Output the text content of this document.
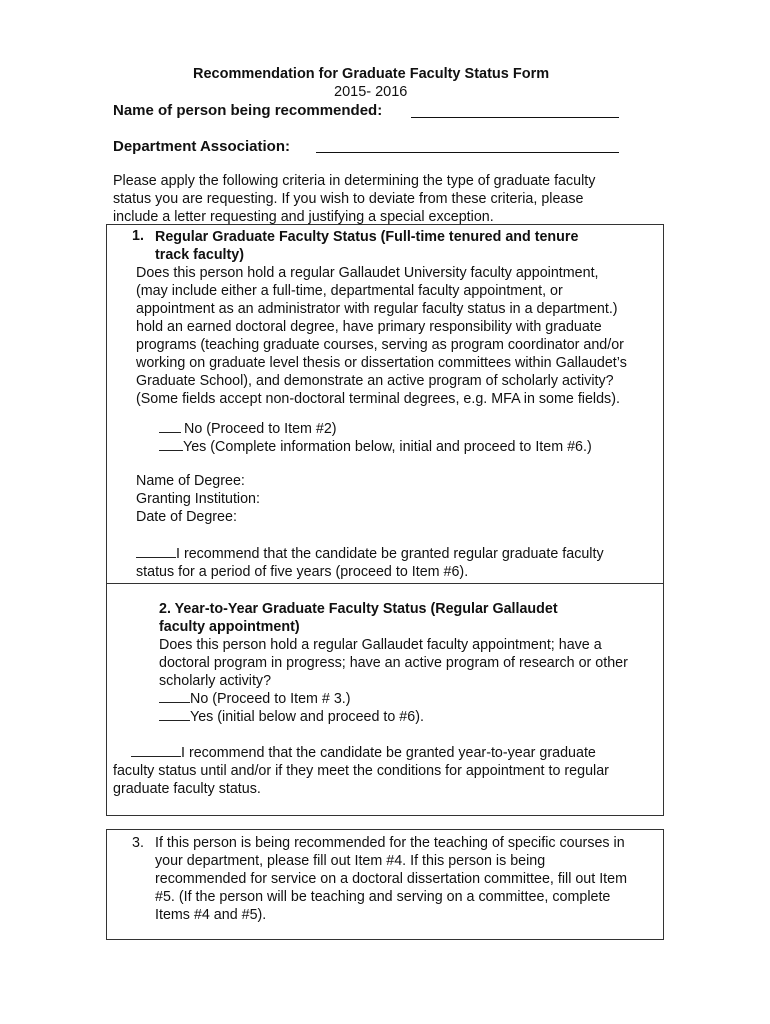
Recommendation for Graduate Faculty Status Form
2015- 2016
Name of person being recommended:
Department Association:
Please apply the following criteria in determining the type of graduate faculty
status you are requesting. If you wish to deviate from these criteria, please
include a letter requesting and justifying a special exception.
1. Regular Graduate Faculty Status (Full-time tenured and tenure
track faculty)
Does this person hold a regular Gallaudet University faculty appointment,
(may include either a full-time, departmental faculty appointment, or
appointment as an administrator with regular faculty status in a department.)
hold an earned doctoral degree, have primary responsibility with graduate
programs (teaching graduate courses, serving as program coordinator and/or
working on graduate level thesis or dissertation committees within Gallaudet’s
Graduate School), and demonstrate an active program of scholarly activity?
(Some fields accept non-doctoral terminal degrees, e.g. MFA in some fields).
No (Proceed to Item #2)
Yes (Complete information below, initial and proceed to Item #6.)
Name of Degree:
Granting Institution:
Date of Degree:
I recommend that the candidate be granted regular graduate faculty
status for a period of five years (proceed to Item #6).
2. Year-to-Year Graduate Faculty Status (Regular Gallaudet
faculty appointment)
Does this person hold a regular Gallaudet faculty appointment; have a
doctoral program in progress; have an active program of research or other
scholarly activity?
No (Proceed to Item # 3.)
Yes (initial below and proceed to #6).
I recommend that the candidate be granted year-to-year graduate
faculty status until and/or if they meet the conditions for appointment to regular
graduate faculty status.
3. If this person is being recommended for the teaching of specific courses in
your department, please fill out Item #4. If this person is being
recommended for service on a doctoral dissertation committee, fill out Item
#5. (If the person will be teaching and serving on a committee, complete
Items #4 and #5).
